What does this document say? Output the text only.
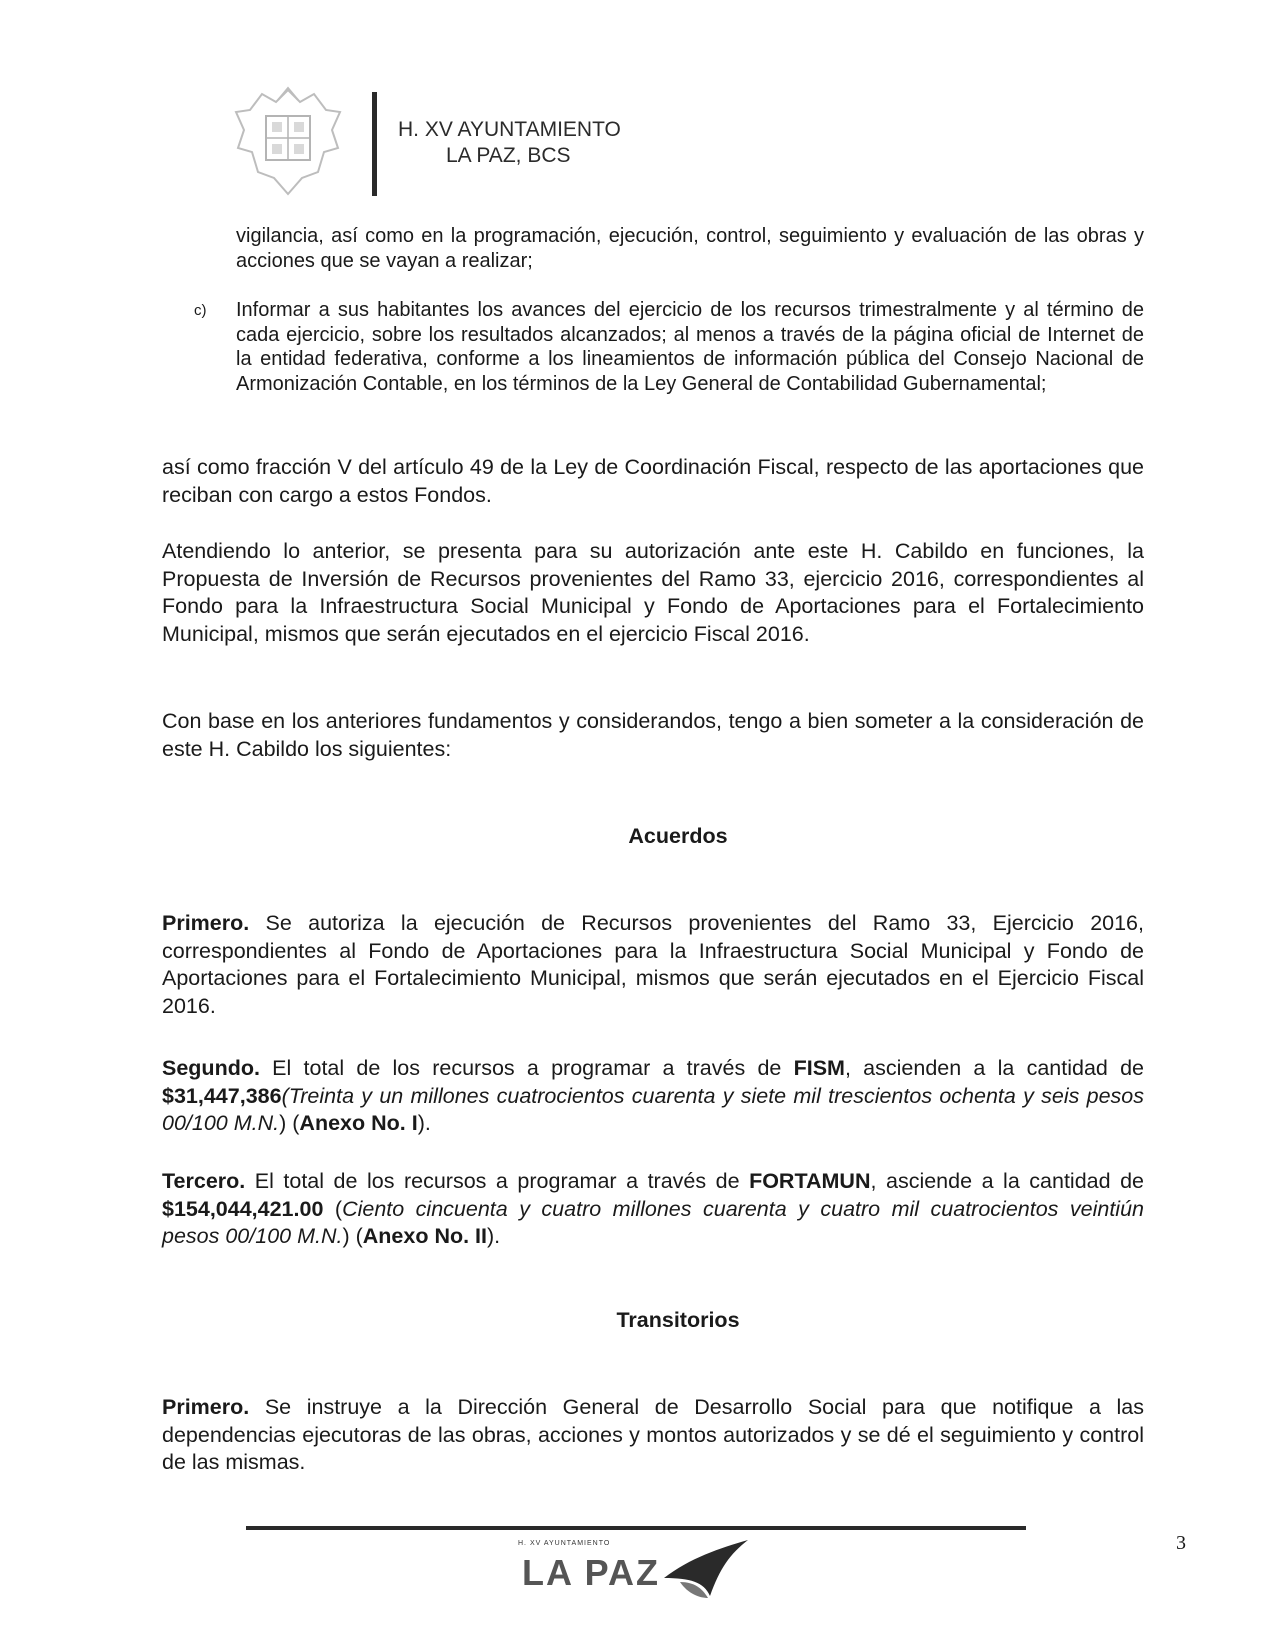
H. XV AYUNTAMIENTO
LA PAZ, BCS

vigilancia, así como en la programación, ejecución, control, seguimiento y evaluación de las obras y acciones que se vayan a realizar;

c) Informar a sus habitantes los avances del ejercicio de los recursos trimestralmente y al término de cada ejercicio, sobre los resultados alcanzados; al menos a través de la página oficial de Internet de la entidad federativa, conforme a los lineamientos de información pública del Consejo Nacional de Armonización Contable, en los términos de la Ley General de Contabilidad Gubernamental;

así como fracción V del artículo 49 de la Ley de Coordinación Fiscal, respecto de las aportaciones que reciban con cargo a estos Fondos.

Atendiendo lo anterior, se presenta para su autorización ante este H. Cabildo en funciones, la Propuesta de Inversión de Recursos provenientes del Ramo 33, ejercicio 2016, correspondientes al Fondo para la Infraestructura Social Municipal y Fondo de Aportaciones para el Fortalecimiento Municipal, mismos que serán ejecutados en el ejercicio Fiscal 2016.

Con base en los anteriores fundamentos y considerandos, tengo a bien someter a la consideración de este H. Cabildo los siguientes:

Acuerdos

Primero. Se autoriza la ejecución de Recursos provenientes del Ramo 33, Ejercicio 2016, correspondientes al Fondo de Aportaciones para la Infraestructura Social Municipal y Fondo de Aportaciones para el Fortalecimiento Municipal, mismos que serán ejecutados en el Ejercicio Fiscal 2016.

Segundo. El total de los recursos a programar a través de FISM, ascienden a la cantidad de $31,447,386(Treinta y un millones cuatrocientos cuarenta y siete mil trescientos ochenta y seis pesos 00/100 M.N.) (Anexo No. I).

Tercero. El total de los recursos a programar a través de FORTAMUN, asciende a la cantidad de $154,044,421.00 (Ciento cincuenta y cuatro millones cuarenta y cuatro mil cuatrocientos veintiún pesos 00/100 M.N.) (Anexo No. II).

Transitorios

Primero. Se instruye a la Dirección General de Desarrollo Social para que notifique a las dependencias ejecutoras de las obras, acciones y montos autorizados y se dé el seguimiento y control de las mismas.

3
H. XV AYUNTAMIENTO
LA PAZ
